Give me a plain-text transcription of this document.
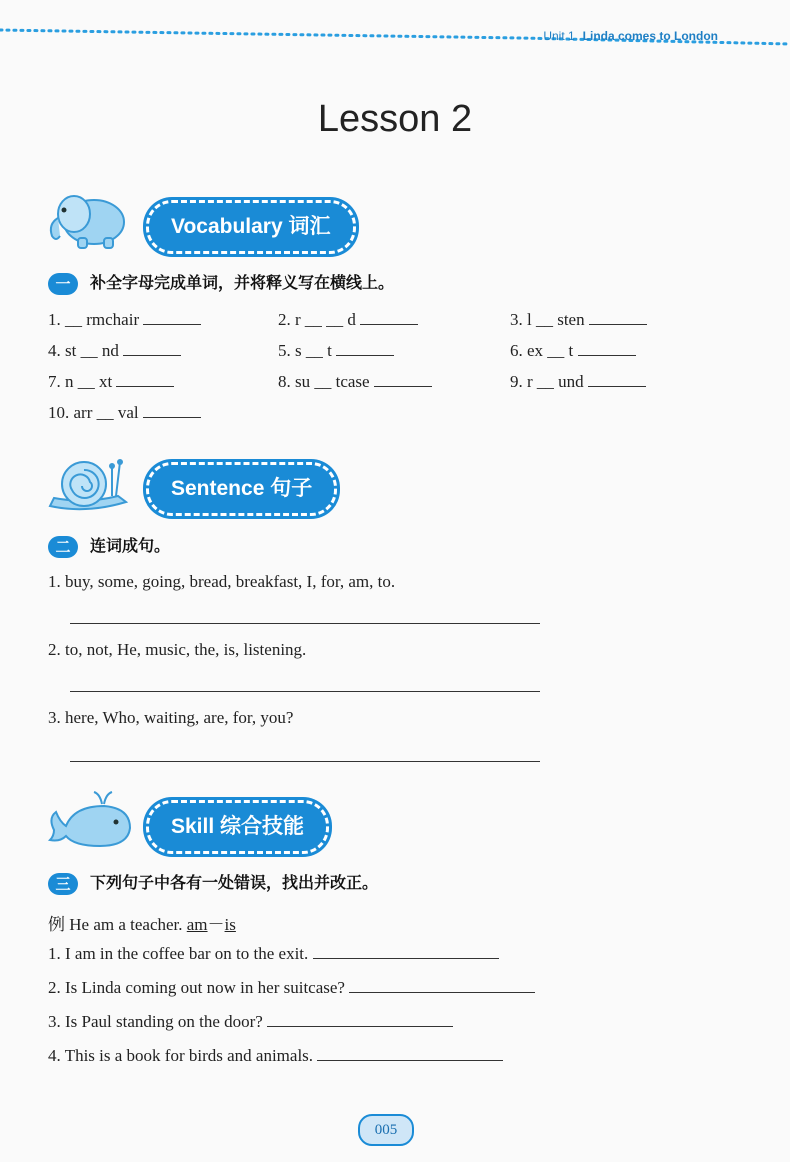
Unit 1 Linda comes to London
Lesson 2
Vocabulary 词汇
一 补全字母完成单词，并将释义写在横线上。
1. __ rmchair	2. r __ __ d	3. l __ sten
4. st __ nd	5. s __ t	6. ex __ t
7. n __ xt	8. su __ tcase	9. r __ und
10. arr __ val
Sentence 句子
二 连词成句。
1. buy, some, going, bread, breakfast, I, for, am, to.
2. to, not, He, music, the, is, listening.
3. here, Who, waiting, are, for, you?
Skill 综合技能
三 下列句子中各有一处错误，找出并改正。
例 He am a teacher. am－is
1. I am in the coffee bar on to the exit.
2. Is Linda coming out now in her suitcase?
3. Is Paul standing on the door?
4. This is a book for birds and animals.
005
